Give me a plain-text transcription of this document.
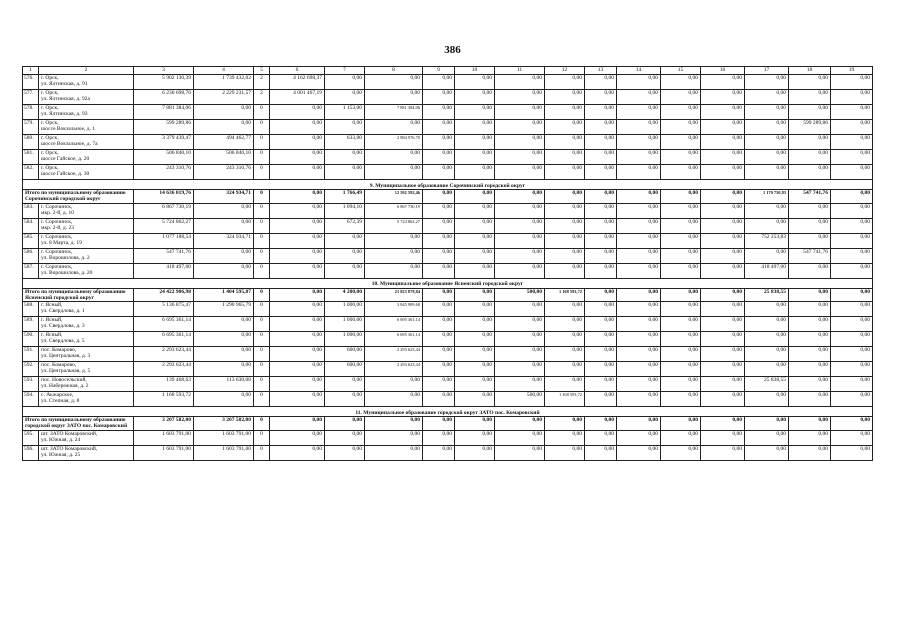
386
1	2	3	4	5	6	7	8	9	10	11	12	13	14	15	16	17	18	19
576.	г. Орск,
ул. Ялтинская, д. 91	5 902 130,39	1 739 432,02	2	4 162 698,37	0,00	0,00	0,00	0,00	0,00	0,00	0,00	0,00	0,00	0,00	0,00	0,00	0,00
577.	г. Орск,
ул. Ялтинская, д. 92а	6 230 698,76	2 229 231,57	2	4 001 467,19	0,00	0,00	0,00	0,00	0,00	0,00	0,00	0,00	0,00	0,00	0,00	0,00	0,00
578.	г. Орск,
ул. Ялтинская, д. 93	7 881 384,06	0,00	0	0,00	1 153,00	7 881 384,06	0,00	0,00	0,00	0,00	0,00	0,00	0,00	0,00	0,00	0,00	0,00
579.	г. Орск,
шоссе Вокзальное, д. 1	599 289,86	0,00	0	0,00	0,00	0,00	0,00	0,00	0,00	0,00	0,00	0,00	0,00	0,00	0,00	599 289,86	0,00
580.	г. Орск,
шоссе Вокзальное, д. 7а	3 379 439,47	494 462,77	0	0,00	633,00	2 884 976,70	0,00	0,00	0,00	0,00	0,00	0,00	0,00	0,00	0,00	0,00	0,00
581.	г. Орск,
шоссе Гайское, д. 20	506 840,10	506 840,10	0	0,00	0,00	0,00	0,00	0,00	0,00	0,00	0,00	0,00	0,00	0,00	0,00	0,00	0,00
582.	г. Орск,
шоссе Гайское, д. 30	243 310,76	243 310,76	0	0,00	0,00	0,00	0,00	0,00	0,00	0,00	0,00	0,00	0,00	0,00	0,00	0,00	0,00
9. Муниципальное образование Сорочинский городской округ																		
Итого по муниципальному образованию Сорочинский городской округ		14 636 019,76	324 934,71	0	0,00	1 766,49	12 592 592,46	0,00	0,00	0,00	0,00	0,00	0,00	0,00	0,00	1 170 750,83	547 741,76	0,00
583.	г. Сорочинск,
мкр. 2-й, д. 10	6 867 730,19	0,00	0	0,00	1 094,10	6 867 730,19	0,00	0,00	0,00	0,00	0,00	0,00	0,00	0,00	0,00	0,00	0,00
584.	г. Сорочинск,
мкр. 2-й, д. 23	5 724 862,27	0,00	0	0,00	672,39	5 724 862,27	0,00	0,00	0,00	0,00	0,00	0,00	0,00	0,00	0,00	0,00	0,00
585.	г. Сорочинск,
ул. 8 Марта, д. 19	1 077 188,54	324 934,71	0	0,00	0,00	0,00	0,00	0,00	0,00	0,00	0,00	0,00	0,00	0,00	752 253,83	0,00	0,00
586.	г. Сорочинск,
ул. Ворошилова, д. 2	547 741,76	0,00	0	0,00	0,00	0,00	0,00	0,00	0,00	0,00	0,00	0,00	0,00	0,00	0,00	547 741,76	0,00
587.	г. Сорочинск,
ул. Ворошилова, д. 20	418 497,00	0,00	0	0,00	0,00	0,00	0,00	0,00	0,00	0,00	0,00	0,00	0,00	0,00	418 497,00	0,00	0,00
10. Муниципальное образование Ясненский городской округ																		
Итого по муниципальному образованию Ясненский городской округ		24 422 906,98	1 404 595,87	0	0,00	4 200,00	21 823 878,84	0,00	0,00	500,00	1 168 593,72	0,00	0,00	0,00	0,00	25 838,55	0,00	0,00
588.	г. Ясный,
ул. Свердлова, д. 1	5 136 875,47	1 290 965,79	0	0,00	1 000,00	3 845 909,68	0,00	0,00	0,00	0,00	0,00	0,00	0,00	0,00	0,00	0,00	0,00
589.	г. Ясный,
ул. Свердлова, д. 3	6 695 361,14	0,00	0	0,00	1 000,00	6 695 361,14	0,00	0,00	0,00	0,00	0,00	0,00	0,00	0,00	0,00	0,00	0,00
590.	г. Ясный,
ул. Свердлова, д. 5	6 695 361,14	0,00	0	0,00	1 000,00	6 695 361,14	0,00	0,00	0,00	0,00	0,00	0,00	0,00	0,00	0,00	0,00	0,00
591.	пос. Комарово,
ул. Центральная, д. 3	2 293 623,44	0,00	0	0,00	600,00	2 293 623,44	0,00	0,00	0,00	0,00	0,00	0,00	0,00	0,00	0,00	0,00	0,00
592.	пос. Комарово,
ул. Центральная, д. 5	2 293 623,44	0,00	0	0,00	600,00	2 293 623,44	0,00	0,00	0,00	0,00	0,00	0,00	0,00	0,00	0,00	0,00	0,00
593.	пос. Новосельский,
ул. Набережная, д. 2	139 468,63	113 630,08	0	0,00	0,00	0,00	0,00	0,00	0,00	0,00	0,00	0,00	0,00	0,00	25 838,55	0,00	0,00
594.	с. Акжарское,
ул. Степная, д. 8	1 168 593,72	0,00	0	0,00	0,00	0,00	0,00	0,00	500,00	1 168 593,72	0,00	0,00	0,00	0,00	0,00	0,00	0,00
11. Муниципальное образование городской округ ЗАТО пос. Комаровский																		
Итого по муниципальному образованию городской округ ЗАТО пос. Комаровский		3 207 582,00	3 207 582,00	0	0,00	0,00	0,00	0,00	0,00	0,00	0,00	0,00	0,00	0,00	0,00	0,00	0,00	0,00
595.	шт. ЗАТО Комаровский,
ул. Южная, д. 24	1 603 791,00	1 603 791,00	0	0,00	0,00	0,00	0,00	0,00	0,00	0,00	0,00	0,00	0,00	0,00	0,00	0,00	0,00
596.	шт. ЗАТО Комаровский,
ул. Южная, д. 25	1 603 791,00	1 603 791,00	0	0,00	0,00	0,00	0,00	0,00	0,00	0,00	0,00	0,00	0,00	0,00	0,00	0,00	0,00
